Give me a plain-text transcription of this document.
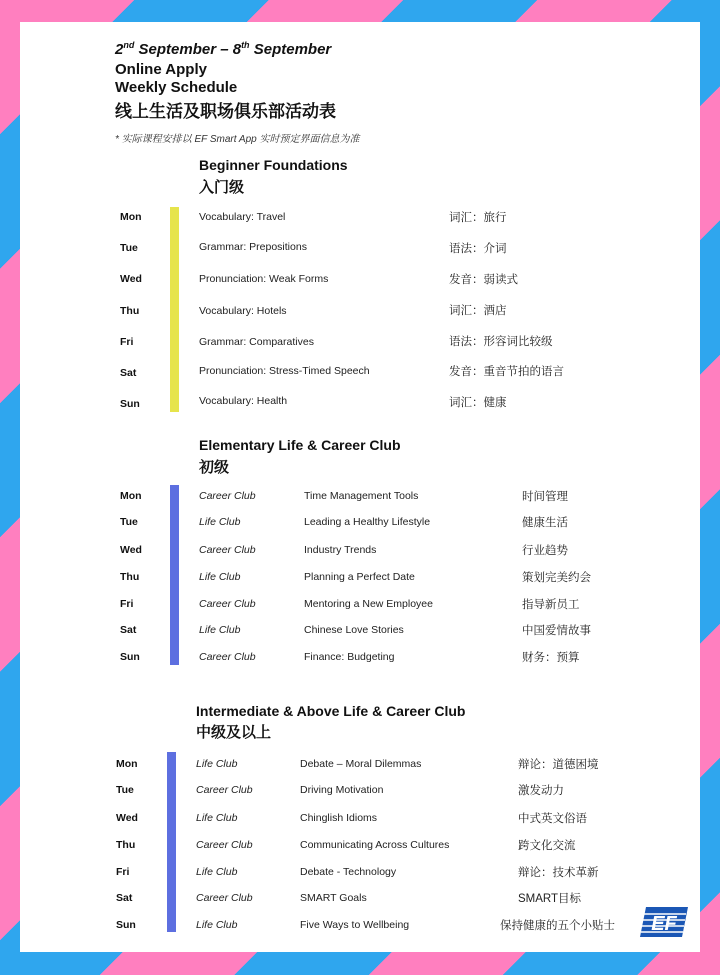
2nd September – 8th September
Online Apply
Weekly Schedule
线上生活及职场俱乐部活动表
* 实际课程安排以 EF Smart App 实时预定界面信息为准
Beginner Foundations
入门级
Mon	Vocabulary: Travel	词汇：旅行
Tue	Grammar: Prepositions	语法：介词
Wed	Pronunciation: Weak Forms	发音：弱读式
Thu	Vocabulary: Hotels	词汇：酒店
Fri	Grammar: Comparatives	语法：形容词比较级
Sat	Pronunciation: Stress-Timed Speech	发音：重音节拍的语言
Sun	Vocabulary: Health	词汇：健康
Elementary Life & Career Club
初级
Mon	Career Club	Time Management Tools	时间管理
Tue	Life Club	Leading a Healthy Lifestyle	健康生活
Wed	Career Club	Industry Trends	行业趋势
Thu	Life Club	Planning a Perfect Date	策划完美约会
Fri	Career Club	Mentoring a New Employee	指导新员工
Sat	Life Club	Chinese Love Stories	中国爱情故事
Sun	Career Club	Finance: Budgeting	财务：预算
Intermediate & Above Life & Career Club
中级及以上
Mon	Life Club	Debate – Moral Dilemmas	辩论：道德困境
Tue	Career Club	Driving Motivation	激发动力
Wed	Life Club	Chinglish Idioms	中式英文俗语
Thu	Career Club	Communicating Across Cultures	跨文化交流
Fri	Life Club	Debate - Technology	辩论：技术革新
Sat	Career Club	SMART Goals	SMART目标
Sun	Life Club	Five Ways to Wellbeing	保持健康的五个小贴士 EF
